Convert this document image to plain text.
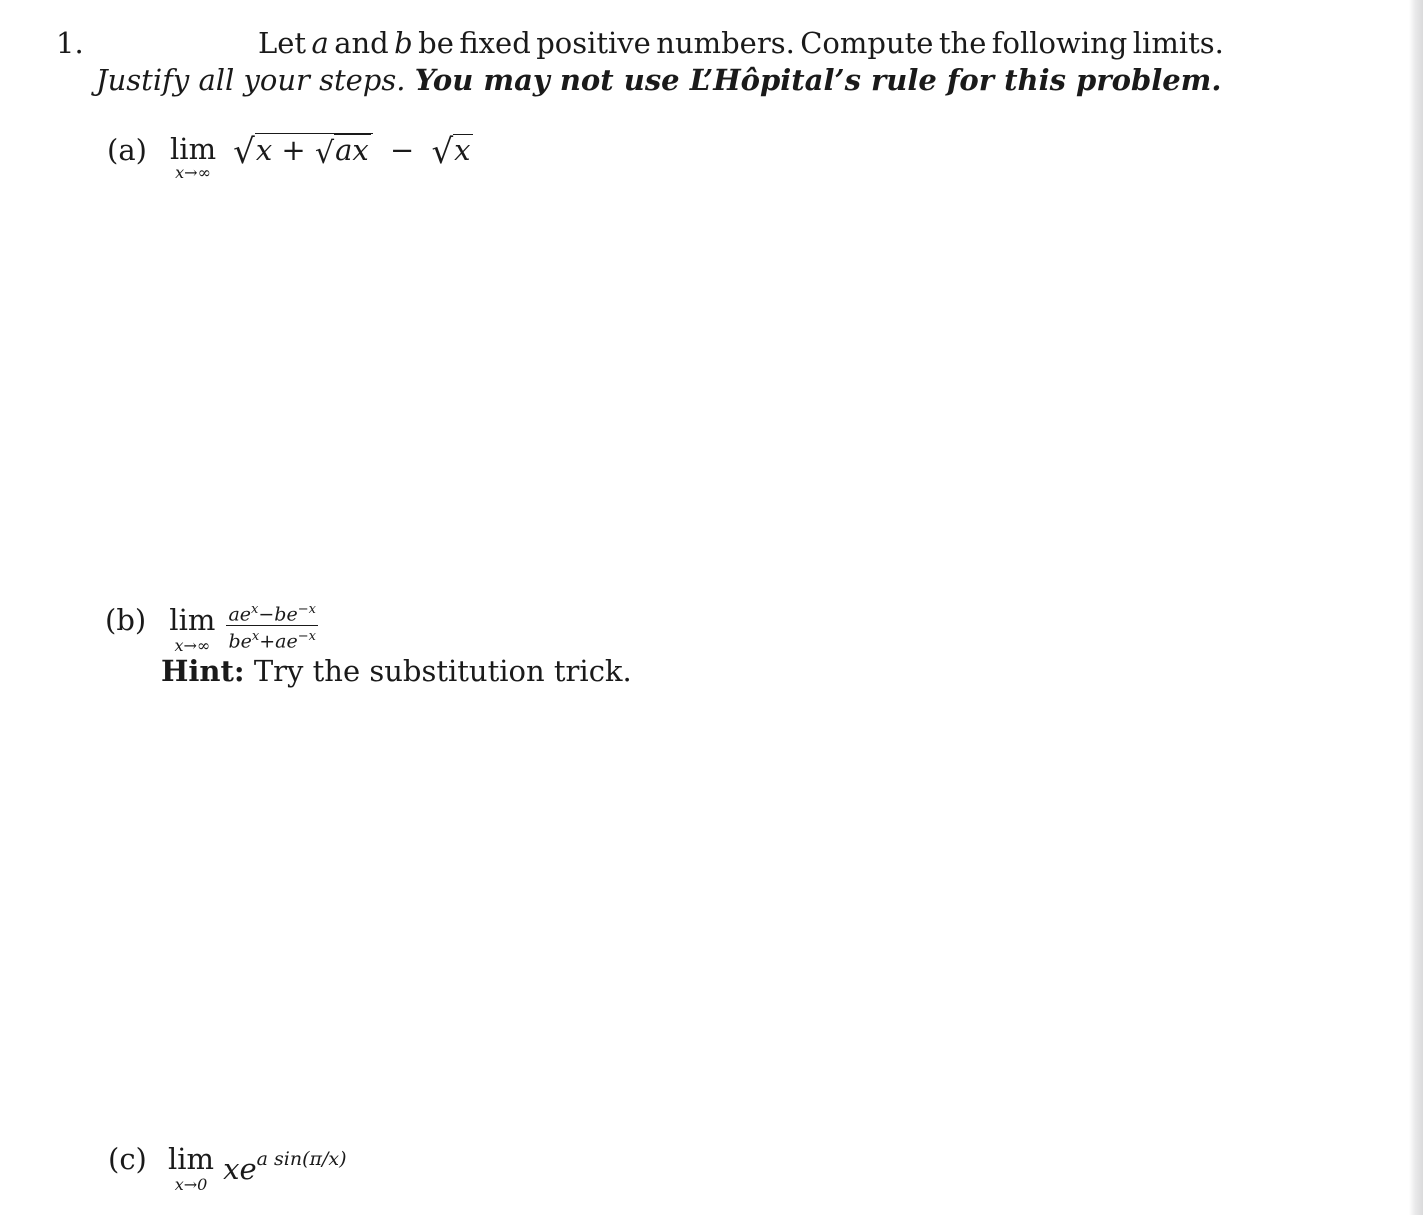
1.	Let a and b be fixed positive numbers. Compute the following limits.
Justify all your steps. You may not use L’Hôpital’s rule for this problem.
(a) lim
x→∞
√x + √ax − √x
(b) lim
x→∞
$\frac{ae^x-be^{-x}}{be^x+ae^{-x}}$
Hint: Try the substitution trick.
(c) lim
x→0 $xe^{a sin(\pi/x)}$
